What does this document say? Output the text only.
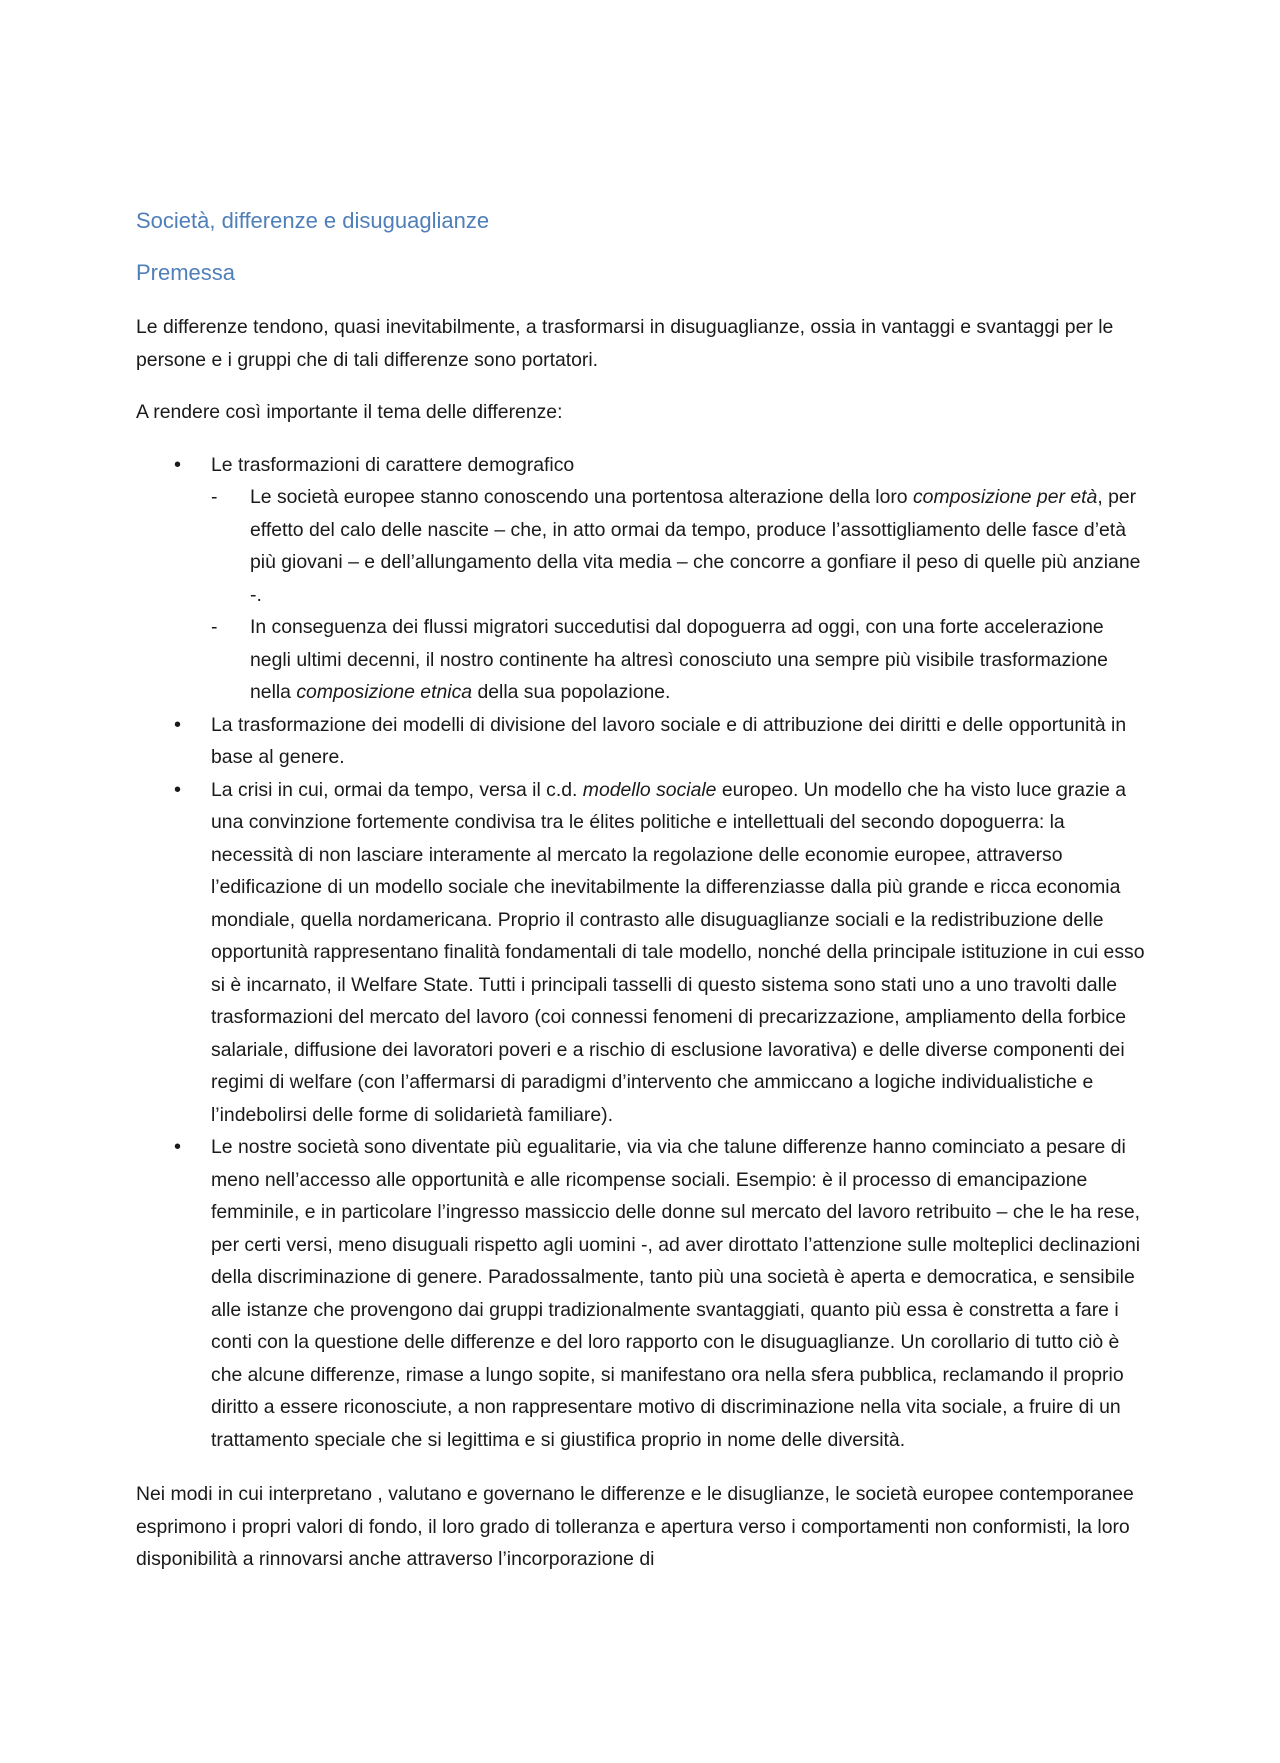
Società, differenze e disuguaglianze
Premessa

Le differenze tendono, quasi inevitabilmente, a trasformarsi in disuguaglianze, ossia in vantaggi e svantaggi per le persone e i gruppi che di tali differenze sono portatori.

A rendere così importante il tema delle differenze:

• Le trasformazioni di carattere demografico
- Le società europee stanno conoscendo una portentosa alterazione della loro composizione per età, per effetto del calo delle nascite – che, in atto ormai da tempo, produce l’assottigliamento delle fasce d’età più giovani – e dell’allungamento della vita media – che concorre a gonfiare il peso di quelle più anziane -.
- In conseguenza dei flussi migratori succedutisi dal dopoguerra ad oggi, con una forte accelerazione negli ultimi decenni, il nostro continente ha altresì conosciuto una sempre più visibile trasformazione nella composizione etnica della sua popolazione.
• La trasformazione dei modelli di divisione del lavoro sociale e di attribuzione dei diritti e delle opportunità in base al genere.
• La crisi in cui, ormai da tempo, versa il c.d. modello sociale europeo. Un modello che ha visto luce grazie a una convinzione fortemente condivisa tra le élites politiche e intellettuali del secondo dopoguerra: la necessità di non lasciare interamente al mercato la regolazione delle economie europee, attraverso l’edificazione di un modello sociale che inevitabilmente la differenziasse dalla più grande e ricca economia mondiale, quella nordamericana. Proprio il contrasto alle disuguaglianze sociali e la redistribuzione delle opportunità rappresentano finalità fondamentali di tale modello, nonché della principale istituzione in cui esso si è incarnato, il Welfare State. Tutti i principali tasselli di questo sistema sono stati uno a uno travolti dalle trasformazioni del mercato del lavoro (coi connessi fenomeni di precarizzazione, ampliamento della forbice salariale, diffusione dei lavoratori poveri e a rischio di esclusione lavorativa) e delle diverse componenti dei regimi di welfare (con l’affermarsi di paradigmi d’intervento che ammiccano a logiche individualistiche e l’indebolirsi delle forme di solidarietà familiare).
• Le nostre società sono diventate più egualitarie, via via che talune differenze hanno cominciato a pesare di meno nell’accesso alle opportunità e alle ricompense sociali. Esempio: è il processo di emancipazione femminile, e in particolare l’ingresso massiccio delle donne sul mercato del lavoro retribuito – che le ha rese, per certi versi, meno disuguali rispetto agli uomini -, ad aver dirottato l’attenzione sulle molteplici declinazioni della discriminazione di genere. Paradossalmente, tanto più una società è aperta e democratica, e sensibile alle istanze che provengono dai gruppi tradizionalmente svantaggiati, quanto più essa è constretta a fare i conti con la questione delle differenze e del loro rapporto con le disuguaglianze. Un corollario di tutto ciò è che alcune differenze, rimase a lungo sopite, si manifestano ora nella sfera pubblica, reclamando il proprio diritto a essere riconosciute, a non rappresentare motivo di discriminazione nella vita sociale, a fruire di un trattamento speciale che si legittima e si giustifica proprio in nome delle diversità.

Nei modi in cui interpretano , valutano e governano le differenze e le disuglianze, le società europee contemporanee esprimono i propri valori di fondo, il loro grado di tolleranza e apertura verso i comportamenti non conformisti, la loro disponibilità a rinnovarsi anche attraverso l’incorporazione di
